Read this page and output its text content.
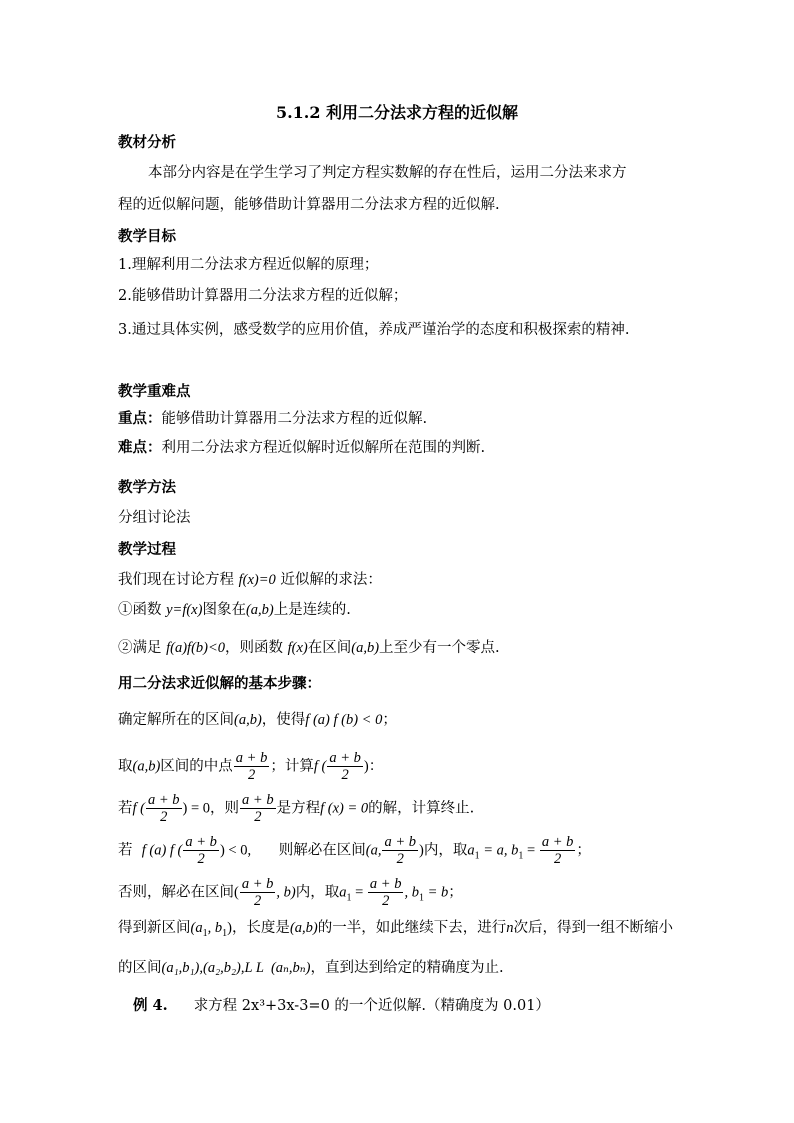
5.1.2 利用二分法求方程的近似解
教材分析
本部分内容是在学生学习了判定方程实数解的存在性后，运用二分法来求方
程的近似解问题，能够借助计算器用二分法求方程的近似解.
教学目标
1.理解利用二分法求方程近似解的原理；
2.能够借助计算器用二分法求方程的近似解；
3.通过具体实例，感受数学的应用价值，养成严谨治学的态度和积极探索的精神.
教学重难点
重点：能够借助计算器用二分法求方程的近似解.
难点：利用二分法求方程近似解时近似解所在范围的判断.
教学方法
分组讨论法
教学过程
我们现在讨论方程 f(x)=0 近似解的求法：
①函数 y=f(x)图象在(a,b)上是连续的.
②满足 f(a)f(b)<0，则函数 f(x)在区间(a,b)上至少有一个零点.
用二分法求近似解的基本步骤：
确定解所在的区间(a,b)，使得f (a) f (b) < 0；
取(a,b)区间的中点 $\frac{a + b}{2}$ ；计算f ( $\frac{a + b}{2}$ )：
若f ( $\frac{a + b}{2}$ ) = 0，则 $\frac{a + b}{2}$ 是方程f (x) = 0的解，计算终止.
若  f (a) f ( $\frac{a + b}{2}$ ) < 0,      则解必在区间(a, $\frac{a + b}{2}$ )内，取$a_1 = a$, $b_1 = \frac{a + b}{2}$ ；
否则，解必在区间( $\frac{a + b}{2}$ , b)内，取$a_1 = \frac{a + b}{2}$ , $b_1 = b$；
得到新区间($a_1$, $b_1$)，长度是(a,b)的一半，如此继续下去，进行n次后，得到一组不断缩小
的区间(a₁,b₁),(a₂,b₂),L L  (aₙ,bₙ)，直到达到给定的精确度为止.
例 4. 求方程 2x³+3x-3=0 的一个近似解.（精确度为 0.01）
